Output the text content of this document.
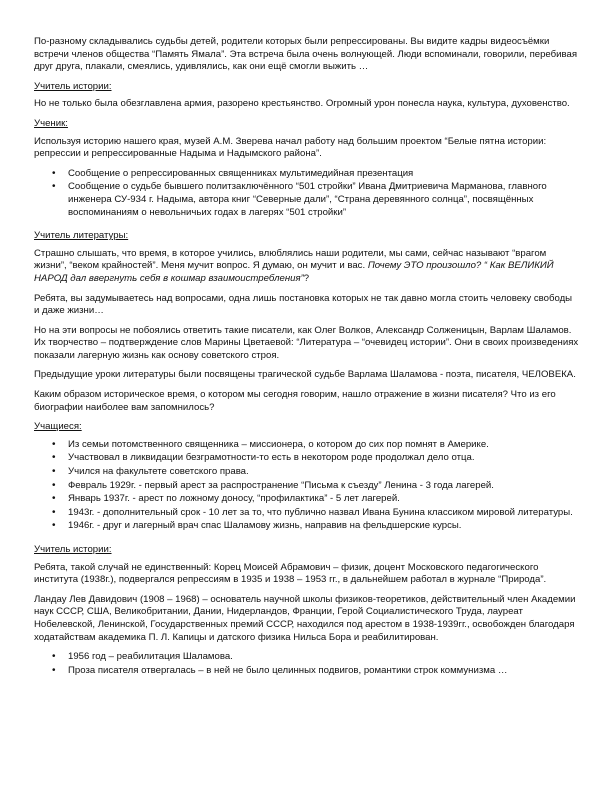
По-разному складывались судьбы детей, родители которых были репрессированы. Вы видите кадры видеосъёмки встречи членов общества “Память Ямала”. Эта встреча была очень волнующей. Люди вспоминали, говорили, перебивая друг друга, плакали, смеялись, удивлялись, как они ещё смогли выжить …

Учитель истории:

Но не только была обезглавлена армия, разорено крестьянство. Огромный урон понесла наука, культура, духовенство.

Ученик:

Используя историю нашего края, музей А.М. Зверева начал работу над большим проектом “Белые пятна истории: репрессии и репрессированные Надыма и Надымского района”.

• Сообщение о репрессированных священниках мультимедийная презентация
• Сообщение о судьбе бывшего политзаключённого “501 стройки” Ивана Дмитриевича Марманова, главного инженера СУ-934 г. Надыма, автора книг “Северные дали”, “Страна деревянного солнца”, посвящённых воспоминаниям о невольничьих годах в лагерях “501 стройки”

Учитель литературы:

Страшно слышать, что время, в которое учились, влюблялись наши родители, мы сами, сейчас называют “врагом жизни”, “веком крайностей”. Меня мучит вопрос. Я думаю, он мучит и вас. Почему ЭТО произошло? “ Как ВЕЛИКИЙ НАРОД дал ввергнуть себя в кошмар взаимоистребления”?

Ребята, вы задумываетесь над вопросами, одна лишь постановка которых не так давно могла стоить человеку свободы и даже жизни…

Но на эти вопросы не побоялись ответить такие писатели, как Олег Волков, Александр Солженицын, Варлам Шаламов. Их творчество – подтверждение слов Марины Цветаевой: “Литература – “очевидец истории”. Они в своих произведениях показали лагерную жизнь как основу советского строя.

Предыдущие уроки литературы были посвящены трагической судьбе Варлама Шаламова - поэта, писателя, ЧЕЛОВЕКА.

Каким образом историческое время, о котором мы сегодня говорим, нашло отражение в жизни писателя? Что из его биографии наиболее вам запомнилось?

Учащиеся:

• Из семьи потомственного священника – миссионера, о котором до сих пор помнят в Америке.
• Участвовал в ликвидации безграмотности-то есть в некотором роде продолжал дело отца.
• Учился на факультете советского права.
• Февраль 1929г. - первый арест за распространение “Письма к съезду” Ленина - 3 года лагерей.
• Январь 1937г. - арест по ложному доносу, “профилактика” - 5 лет лагерей.
• 1943г. - дополнительный срок - 10 лет за то, что публично назвал Ивана Бунина классиком мировой литературы.
• 1946г. - друг и лагерный врач спас Шаламову жизнь, направив на фельдшерские курсы.

Учитель истории:

Ребята, такой случай не единственный: Корец Моисей Абрамович – физик, доцент Московского педагогического института (1938г.), подвергался репрессиям в 1935 и 1938 – 1953 гг., в дальнейшем работал в журнале “Природа”.

Ландау Лев Давидович (1908 – 1968) – основатель научной школы физиков-теоретиков, действительный член Академии наук СССР, США, Великобритании, Дании, Нидерландов, Франции, Герой Социалистического Труда, лауреат Нобелевской, Ленинской, Государственных премий СССР, находился под арестом в 1938-1939гг., освобожден благодаря ходатайствам академика П. Л. Капицы и датского физика Нильса Бора и реабилитирован.

• 1956 год – реабилитация Шаламова.
• Проза писателя отвергалась – в ней не было целинных подвигов, романтики строк коммунизма …
